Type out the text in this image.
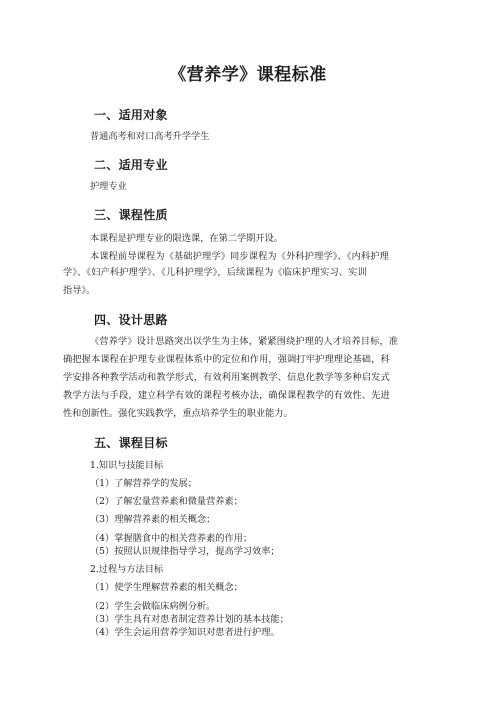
《营养学》课程标准
一、适用对象
普通高考和对口高考升学学生
二、适用专业
护理专业
三、课程性质
本课程是护理专业的限选课，在第二学期开设。
本课程前导课程为《基础护理学》同步课程为《外科护理学》、《内科护理
学》、《妇产科护理学》、《儿科护理学》，后续课程为《临床护理实习、实训
指导》。
四、设计思路
《营养学》设计思路突出以学生为主体，紧紧围绕护理的人才培养目标，准
确把握本课程在护理专业课程体系中的定位和作用，强调打牢护理理论基础，科
学安排各种教学活动和教学形式，有效利用案例教学、信息化教学等多种启发式
教学方法与手段，建立科学有效的课程考核办法，确保课程教学的有效性、先进
性和创新性。强化实践教学，重点培养学生的职业能力。
五、课程目标
1.知识与技能目标
（1）了解营养学的发展；
（2）了解宏量营养素和微量营养素；
（3）理解营养素的相关概念；
（4）掌握膳食中的相关营养素的作用；
（5）按照认识规律指导学习，提高学习效率；
2.过程与方法目标
（1）使学生理解营养素的相关概念；
（2）学生会做临床病例分析。
（3）学生具有对患者制定营养计划的基本技能；
（4）学生会运用营养学知识对患者进行护理。
